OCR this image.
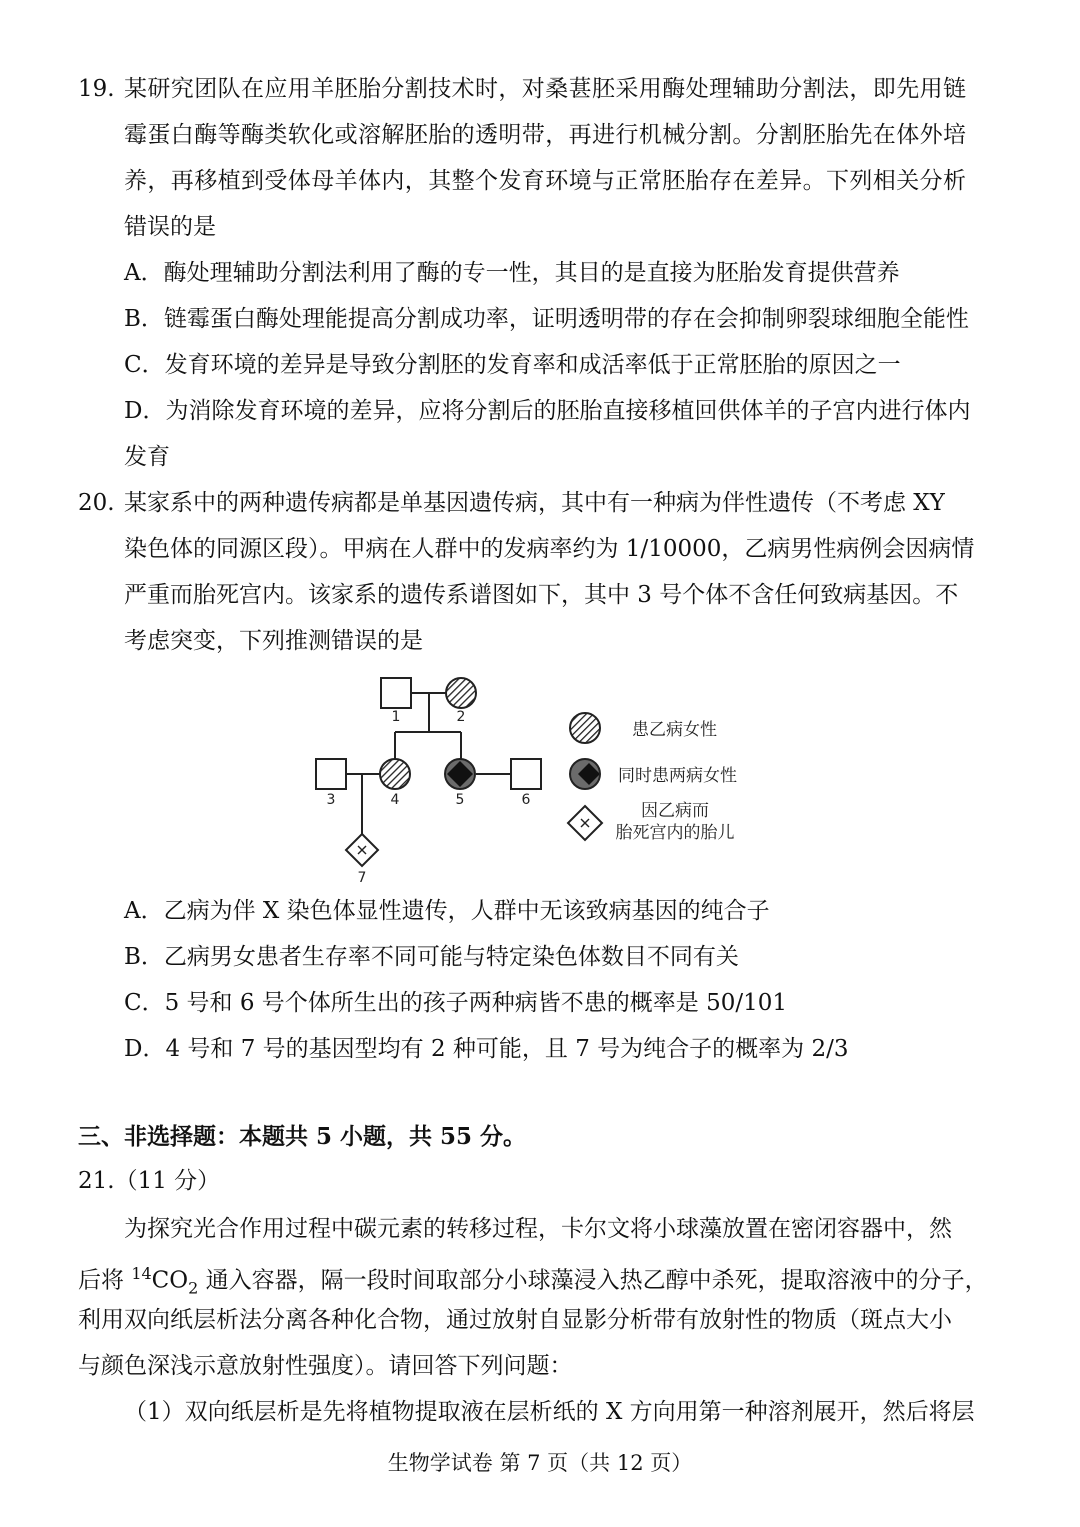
19. 某研究团队在应用羊胚胎分割技术时，对桑葚胚采用酶处理辅助分割法，即先用链
霉蛋白酶等酶类软化或溶解胚胎的透明带，再进行机械分割。分割胚胎先在体外培
养，再移植到受体母羊体内，其整个发育环境与正常胚胎存在差异。下列相关分析
错误的是
A．酶处理辅助分割法利用了酶的专一性，其目的是直接为胚胎发育提供营养
B．链霉蛋白酶处理能提高分割成功率，证明透明带的存在会抑制卵裂球细胞全能性
C．发育环境的差异是导致分割胚的发育率和成活率低于正常胚胎的原因之一
D．为消除发育环境的差异，应将分割后的胚胎直接移植回供体羊的子宫内进行体内
发育
20. 某家系中的两种遗传病都是单基因遗传病，其中有一种病为伴性遗传（不考虑 XY
染色体的同源区段）。甲病在人群中的发病率约为 1/10000，乙病男性病例会因病情
严重而胎死宫内。该家系的遗传系谱图如下，其中 3 号个体不含任何致病基因。不
考虑突变，下列推测错误的是
1	2
3	4	5	6
7
患乙病女性
同时患两病女性
因乙病而
胎死宫内的胎儿
A．乙病为伴 X 染色体显性遗传，人群中无该致病基因的纯合子
B．乙病男女患者生存率不同可能与特定染色体数目不同有关
C．5 号和 6 号个体所生出的孩子两种病皆不患的概率是 50/101
D．4 号和 7 号的基因型均有 2 种可能，且 7 号为纯合子的概率为 2/3
三、非选择题：本题共 5 小题，共 55 分。
21.（11 分）
为探究光合作用过程中碳元素的转移过程，卡尔文将小球藻放置在密闭容器中，然
后将 $^{14}CO_2$ 通入容器，隔一段时间取部分小球藻浸入热乙醇中杀死，提取溶液中的分子，
利用双向纸层析法分离各种化合物，通过放射自显影分析带有放射性的物质（斑点大小
与颜色深浅示意放射性强度）。请回答下列问题：
（1）双向纸层析是先将植物提取液在层析纸的 X 方向用第一种溶剂展开，然后将层
生物学试卷 第 7 页（共 12 页）
